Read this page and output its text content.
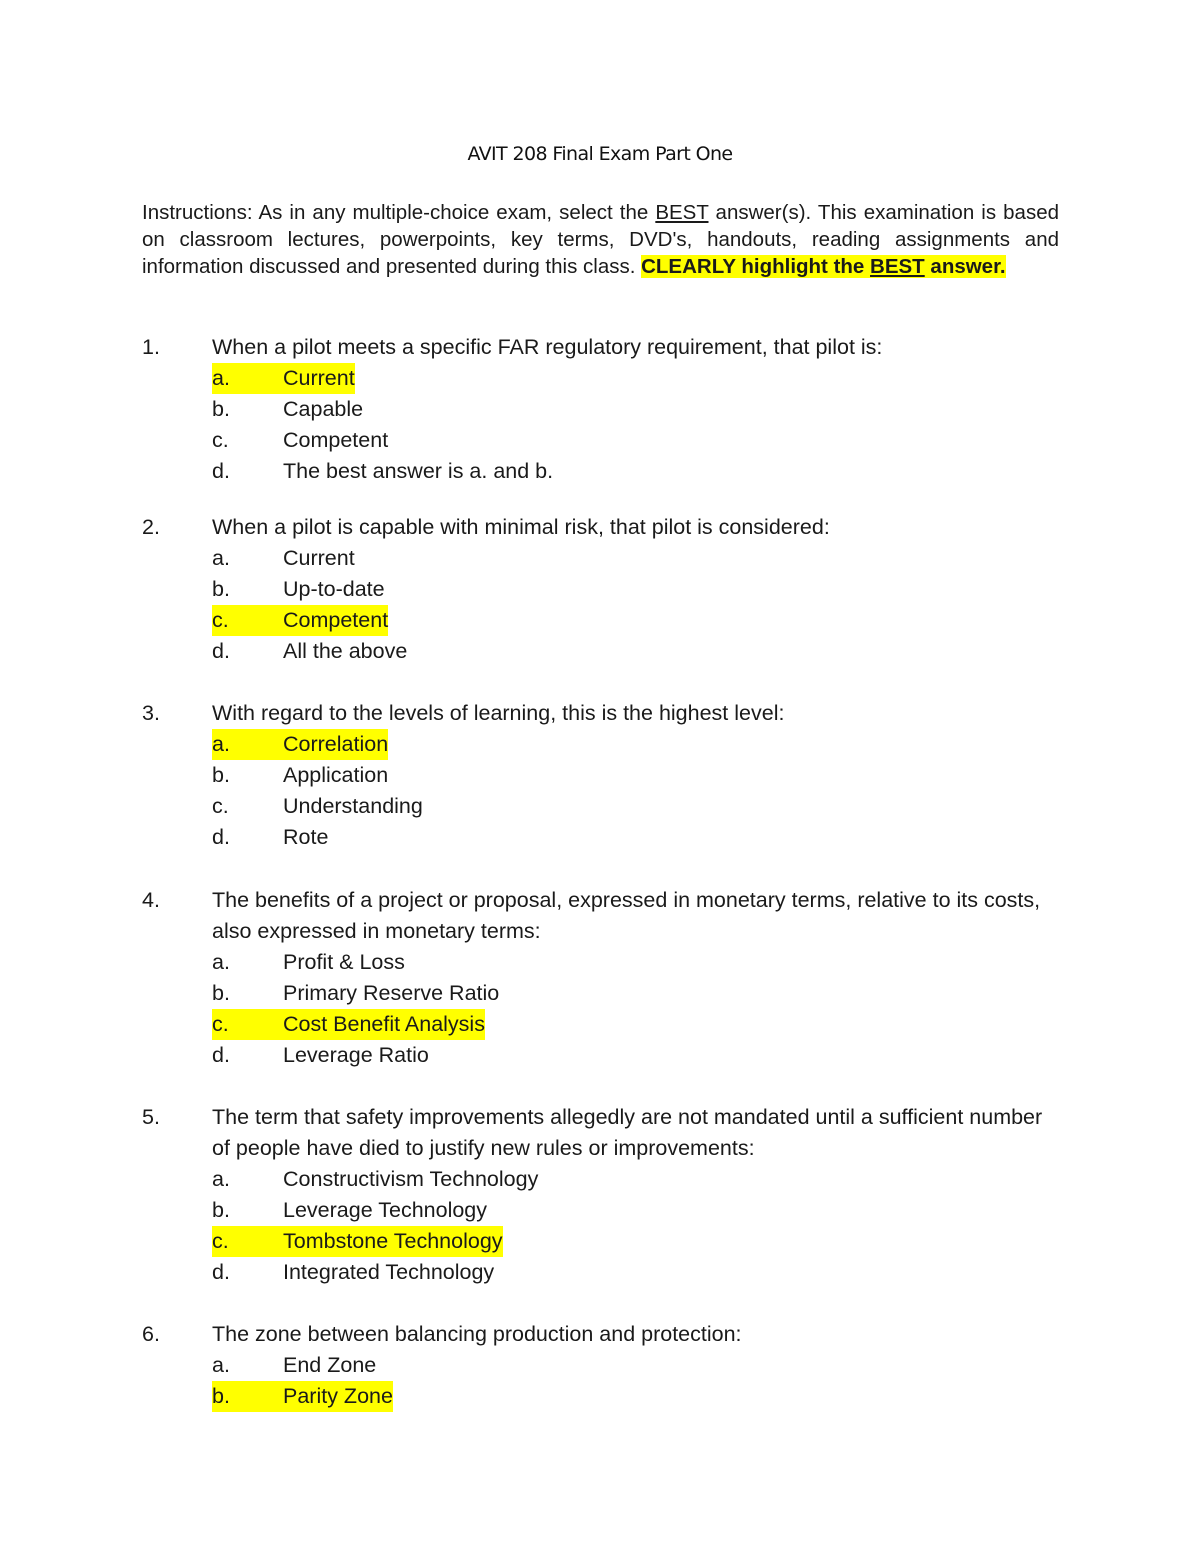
AVIT 208 Final Exam Part One
Instructions: As in any multiple-choice exam, select the BEST answer(s). This examination is based on classroom lectures, powerpoints, key terms, DVD's, handouts, reading assignments and information discussed and presented during this class. CLEARLY highlight the BEST answer.
1.	When a pilot meets a specific FAR regulatory requirement, that pilot is:
a. Current
b. Capable
c.	Competent
d. The best answer is a. and b.
2.	When a pilot is capable with minimal risk, that pilot is considered:
a. Current
b. Up-to-date
c.	Competent
d. All the above
3.	With regard to the levels of learning, this is the highest level:
a. Correlation
b. Application
c.	Understanding
d. Rote
4.	The benefits of a project or proposal, expressed in monetary terms, relative to its costs, also expressed in monetary terms:
a. Profit & Loss
b. Primary Reserve Ratio
c.	Cost Benefit Analysis
d. Leverage Ratio
5.	The term that safety improvements allegedly are not mandated until a sufficient number of people have died to justify new rules or improvements:
a. Constructivism Technology
b. Leverage Technology
c.	Tombstone Technology
d. Integrated Technology
6.	The zone between balancing production and protection:
a. End Zone
b. Parity Zone
